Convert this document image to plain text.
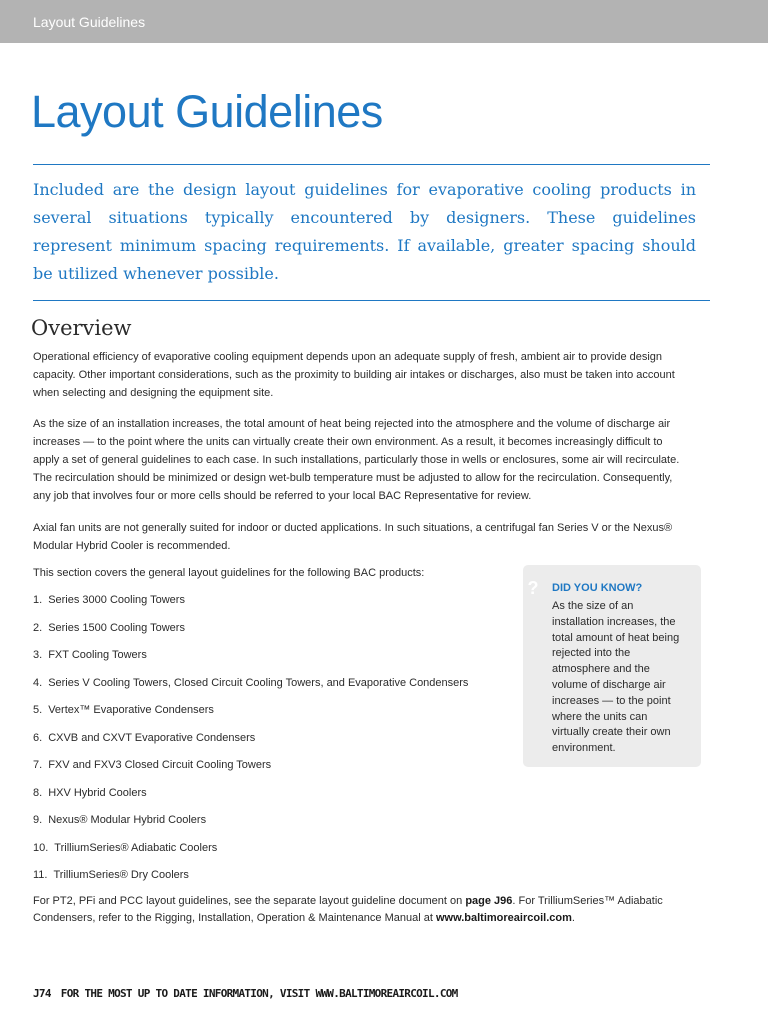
Layout Guidelines
Layout Guidelines

Included are the design layout guidelines for evaporative cooling products in several situations typically encountered by designers. These guidelines represent minimum spacing requirements. If available, greater spacing should be utilized whenever possible.

Overview

Operational efficiency of evaporative cooling equipment depends upon an adequate supply of fresh, ambient air to provide design capacity. Other important considerations, such as the proximity to building air intakes or discharges, also must be taken into account when selecting and designing the equipment site.

As the size of an installation increases, the total amount of heat being rejected into the atmosphere and the volume of discharge air increases — to the point where the units can virtually create their own environment. As a result, it becomes increasingly difficult to apply a set of general guidelines to each case. In such installations, particularly those in wells or enclosures, some air will recirculate. The recirculation should be minimized or design wet-bulb temperature must be adjusted to allow for the recirculation. Consequently, any job that involves four or more cells should be referred to your local BAC Representative for review.

Axial fan units are not generally suited for indoor or ducted applications. In such situations, a centrifugal fan Series V or the Nexus® Modular Hybrid Cooler is recommended.

This section covers the general layout guidelines for the following BAC products:

1. Series 3000 Cooling Towers
2. Series 1500 Cooling Towers
3. FXT Cooling Towers
4. Series V Cooling Towers, Closed Circuit Cooling Towers, and Evaporative Condensers
5. Vertex™ Evaporative Condensers
6. CXVB and CXVT Evaporative Condensers
7. FXV and FXV3 Closed Circuit Cooling Towers
8. HXV Hybrid Coolers
9. Nexus® Modular Hybrid Coolers
10. TrilliumSeries® Adiabatic Coolers
11. TrilliumSeries® Dry Coolers

For PT2, PFi and PCC layout guidelines, see the separate layout guideline document on page J96. For TrilliumSeries™ Adiabatic Condensers, refer to the Rigging, Installation, Operation & Maintenance Manual at www.baltimoreaircoil.com.

?	DID YOU KNOW?

As the size of an installation increases, the total amount of heat being rejected into the atmosphere and the volume of discharge air increases — to the point where the units can virtually create their own environment.

J74 FOR THE MOST UP TO DATE INFORMATION, VISIT WWW.BALTIMOREAIRCOIL.COM
